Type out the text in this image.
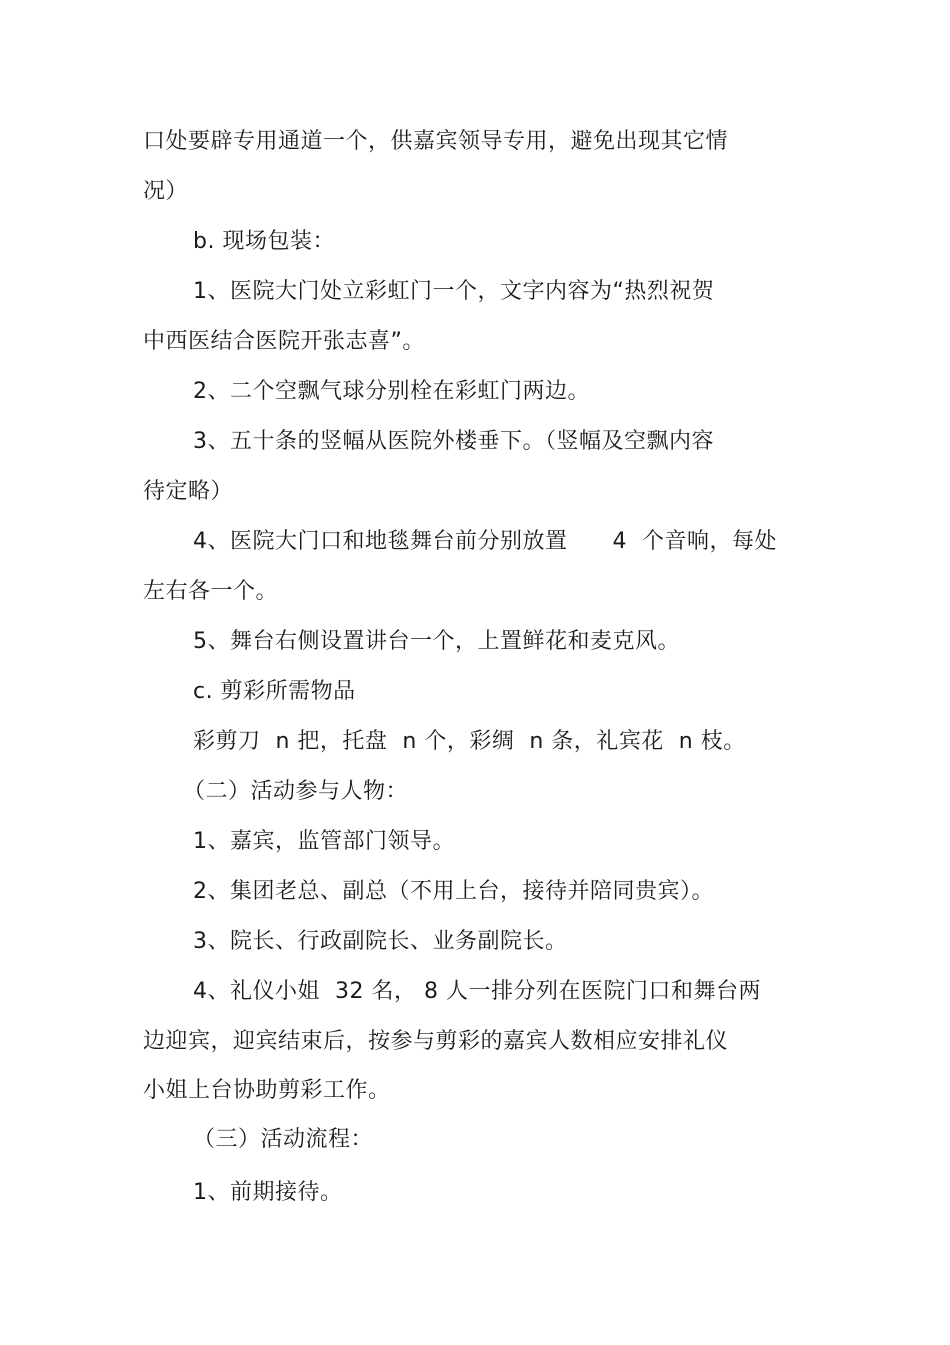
口处要辟专用通道一个，供嘉宾领导专用，避免出现其它情
况）
b. 现场包装：
1、医院大门处立彩虹门一个，文字内容为“热烈祝贺
中西医结合医院开张志喜”。
2、二个空飘气球分别栓在彩虹门两边。
3、五十条的竖幅从医院外楼垂下。（竖幅及空飘内容
待定略）
4、医院大门口和地毯舞台前分别放置　　4  个音响，每处
左右各一个。
5、舞台右侧设置讲台一个，上置鲜花和麦克风。
c. 剪彩所需物品
彩剪刀  n 把，托盘  n 个，彩绸  n 条，礼宾花  n 枝。
（二）活动参与人物：
1、嘉宾，监管部门领导。
2、集团老总、副总（不用上台，接待并陪同贵宾）。
3、院长、行政副院长、业务副院长。
4、礼仪小姐  32 名， 8 人一排分列在医院门口和舞台两
边迎宾，迎宾结束后，按参与剪彩的嘉宾人数相应安排礼仪
小姐上台协助剪彩工作。
（三）活动流程：
1、前期接待。
